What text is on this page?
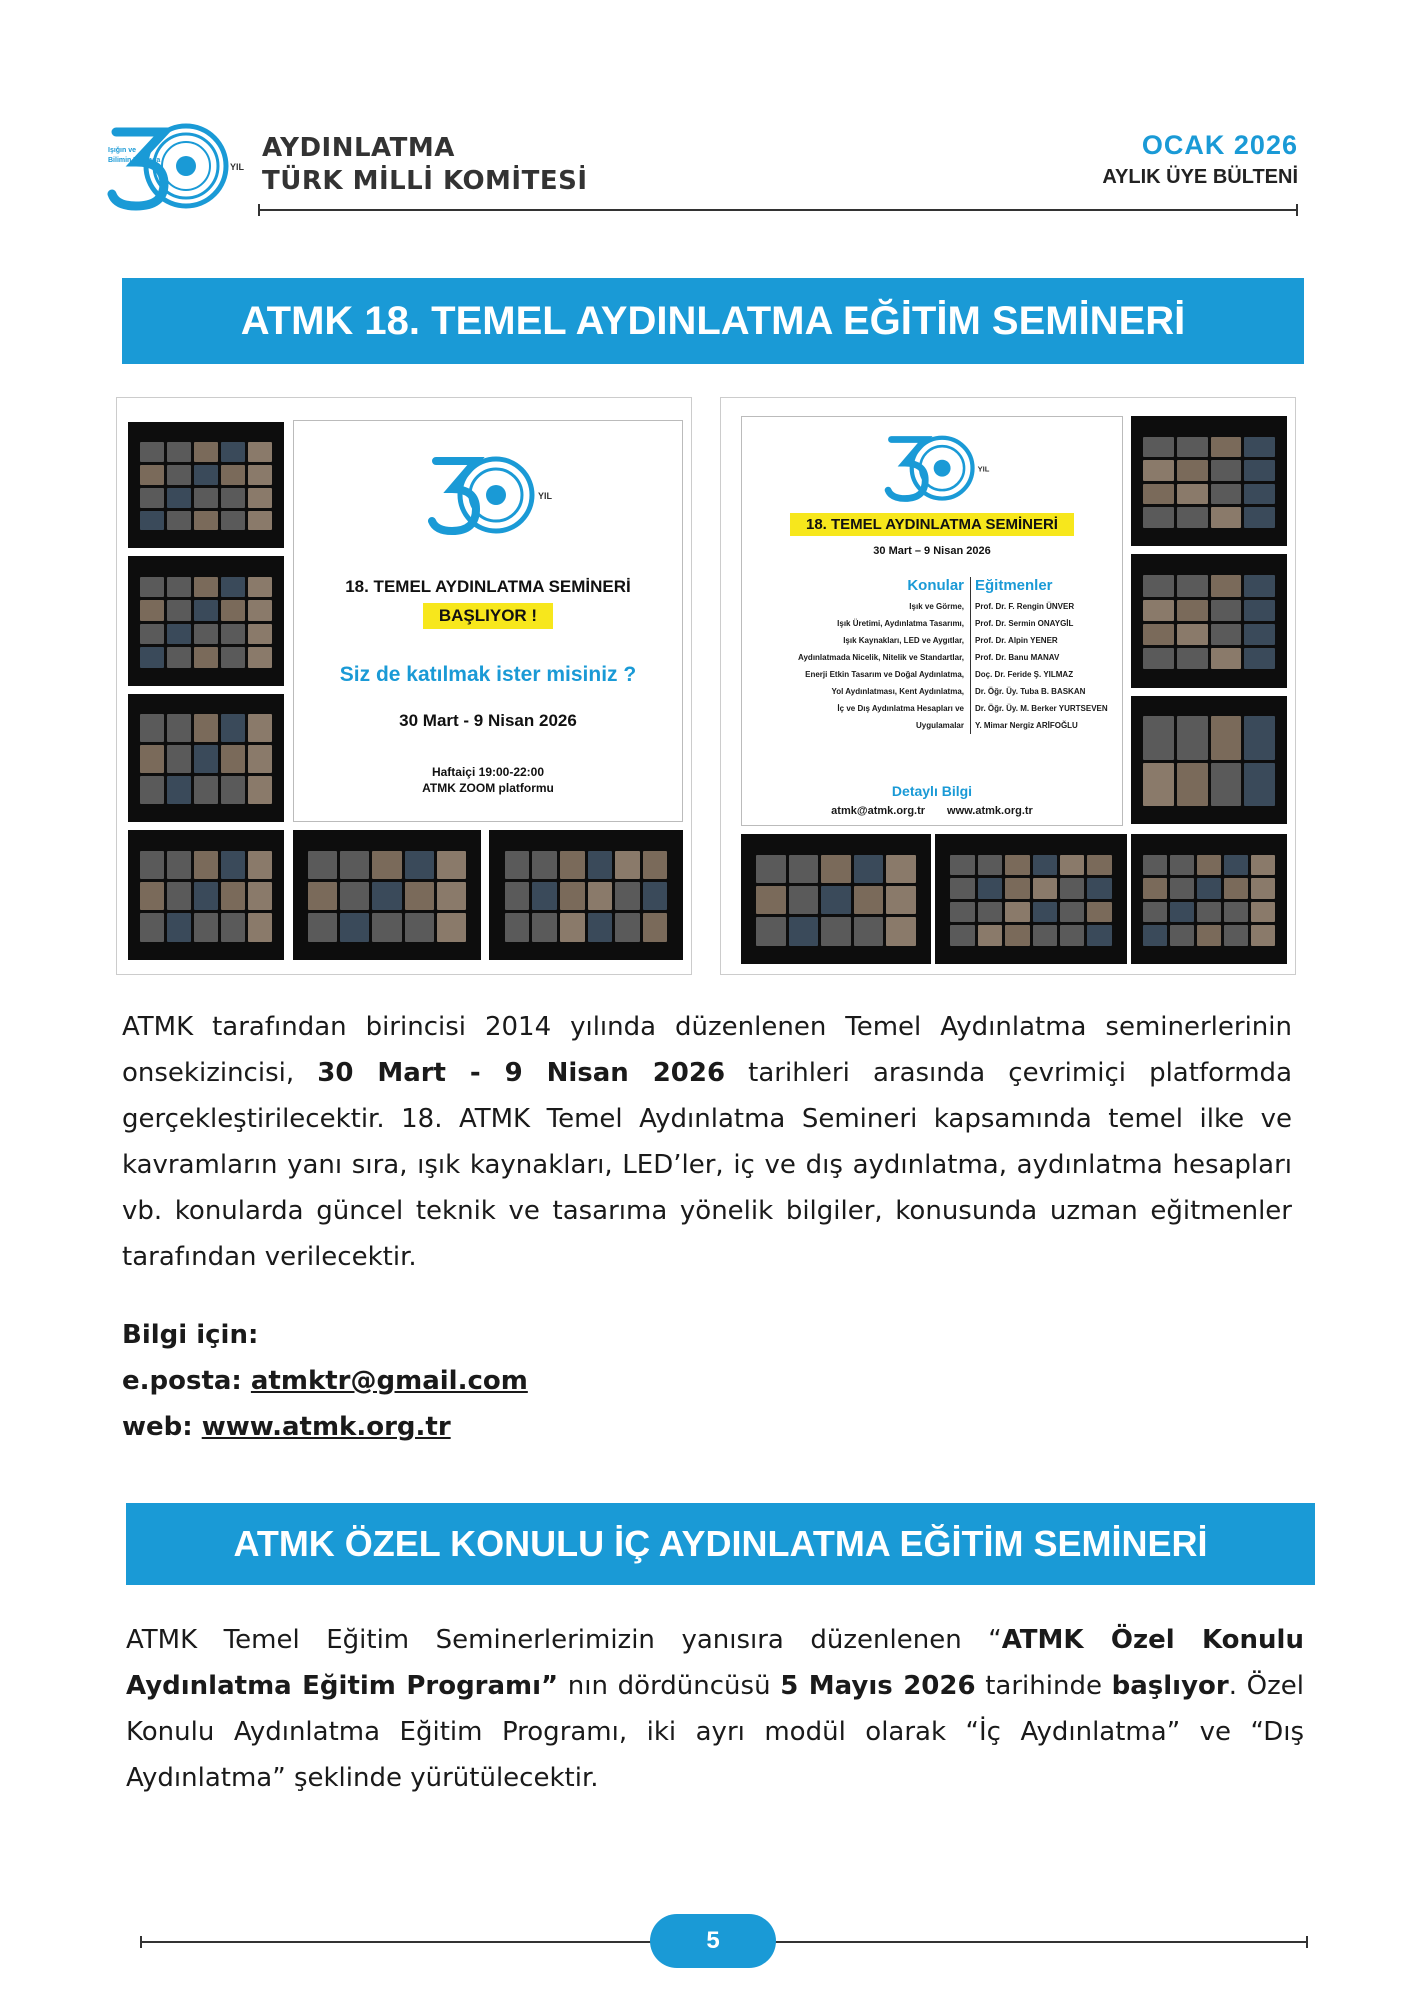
Işığın ve
Bilimin Yolunda
YIL
AYDINLATMA
TÜRK MİLLİ KOMİTESİ
OCAK 2026
AYLIK ÜYE BÜLTENİ
ATMK 18. TEMEL AYDINLATMA EĞİTİM SEMİNERİ
YIL
18. TEMEL AYDINLATMA SEMİNERİ
BAŞLIYOR !
Siz de katılmak ister misiniz ?
30 Mart - 9 Nisan 2026
Haftaiçi 19:00-22:00
ATMK ZOOM platformu
YIL
18. TEMEL AYDINLATMA SEMİNERİ
30 Mart – 9 Nisan 2026
Konular
Işık ve Görme,
Işık Üretimi, Aydınlatma Tasarımı,
Işık Kaynakları, LED ve Aygıtlar,
Aydınlatmada Nicelik, Nitelik ve Standartlar,
Enerji Etkin Tasarım ve Doğal Aydınlatma,
Yol Aydınlatması, Kent Aydınlatma,
İç ve Dış Aydınlatma Hesapları ve
Uygulamalar
Eğitmenler
Prof. Dr. F. Rengin ÜNVER
Prof. Dr. Sermin ONAYGİL
Prof. Dr. Alpin YENER
Prof. Dr. Banu MANAV
Doç. Dr. Feride Ş. YILMAZ
Dr. Öğr. Üy. Tuba B. BASKAN
Dr. Öğr. Üy. M. Berker YURTSEVEN
Y. Mimar Nergiz ARİFOĞLU
Detaylı Bilgi
atmk@atmk.org.tr www.atmk.org.tr

ATMK tarafından birincisi 2014 yılında düzenlenen Temel Aydınlatma seminerlerinin onsekizincisi, 30 Mart - 9 Nisan 2026 tarihleri arasında çevrimiçi platformda gerçekleştirilecektir. 18. ATMK Temel Aydınlatma Semineri kapsamında temel ilke ve kavramların yanı sıra, ışık kaynakları, LED’ler, iç ve dış aydınlatma, aydınlatma hesapları vb. konularda güncel teknik ve tasarıma yönelik bilgiler, konusunda uzman eğitmenler tarafından verilecektir.

Bilgi için:
e.posta: atmktr@gmail.com
web: www.atmk.org.tr
ATMK ÖZEL KONULU İÇ AYDINLATMA EĞİTİM SEMİNERİ

ATMK Temel Eğitim Seminerlerimizin yanısıra düzenlenen “ATMK Özel Konulu Aydınlatma Eğitim Programı” nın dördüncüsü 5 Mayıs 2026 tarihinde başlıyor. Özel Konulu Aydınlatma Eğitim Programı, iki ayrı modül olarak “İç Aydınlatma” ve “Dış Aydınlatma” şeklinde yürütülecektir.

5
